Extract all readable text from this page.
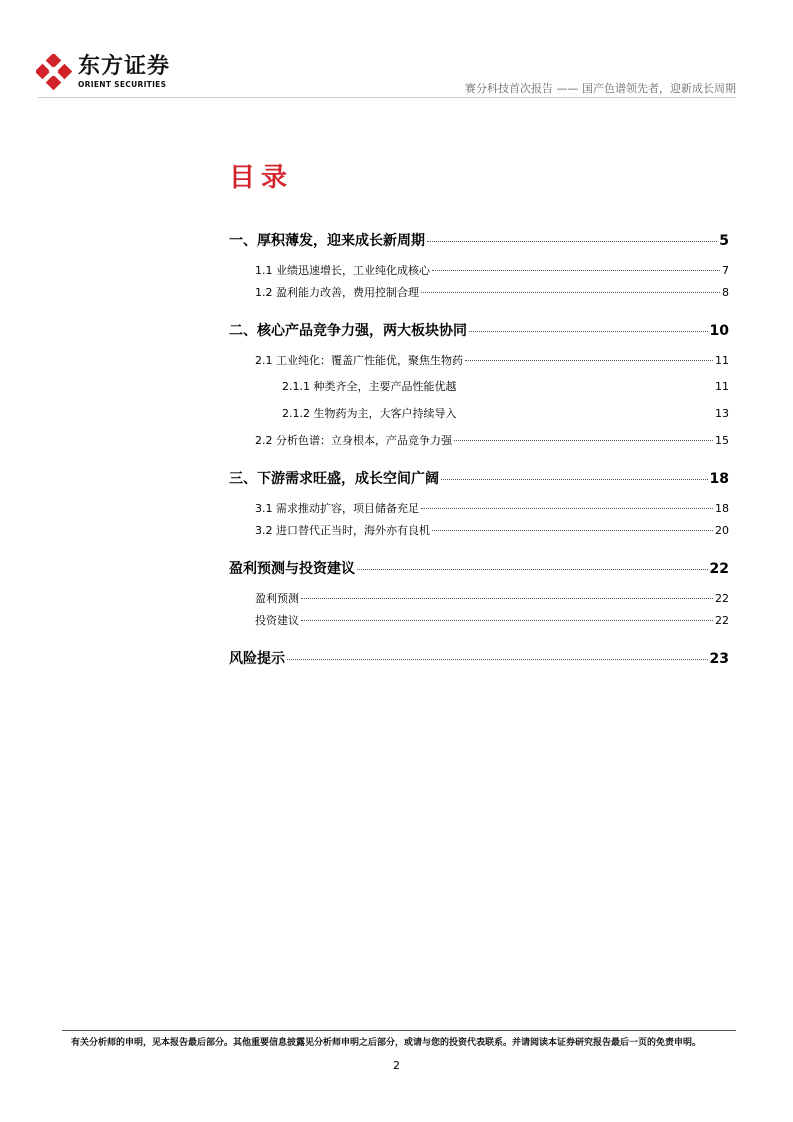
东方证券
ORIENT SECURITIES	赛分科技首次报告 —— 国产色谱领先者，迎新成长周期
目录
一、厚积薄发，迎来成长新周期	5
1.1 业绩迅速增长，工业纯化成核心	7
1.2 盈利能力改善，费用控制合理	8
二、核心产品竞争力强，两大板块协同	10
2.1 工业纯化：覆盖广性能优，聚焦生物药	11
2.1.1 种类齐全，主要产品性能优越	11
2.1.2 生物药为主，大客户持续导入	13
2.2 分析色谱：立身根本，产品竞争力强	15
三、下游需求旺盛，成长空间广阔	18
3.1 需求推动扩容，项目储备充足	18
3.2 进口替代正当时，海外亦有良机	20
盈利预测与投资建议	22
盈利预测	22
投资建议	22
风险提示	23
有关分析师的申明，见本报告最后部分。其他重要信息披露见分析师申明之后部分，或请与您的投资代表联系。并请阅读本证券研究报告最后一页的免责申明。
2
